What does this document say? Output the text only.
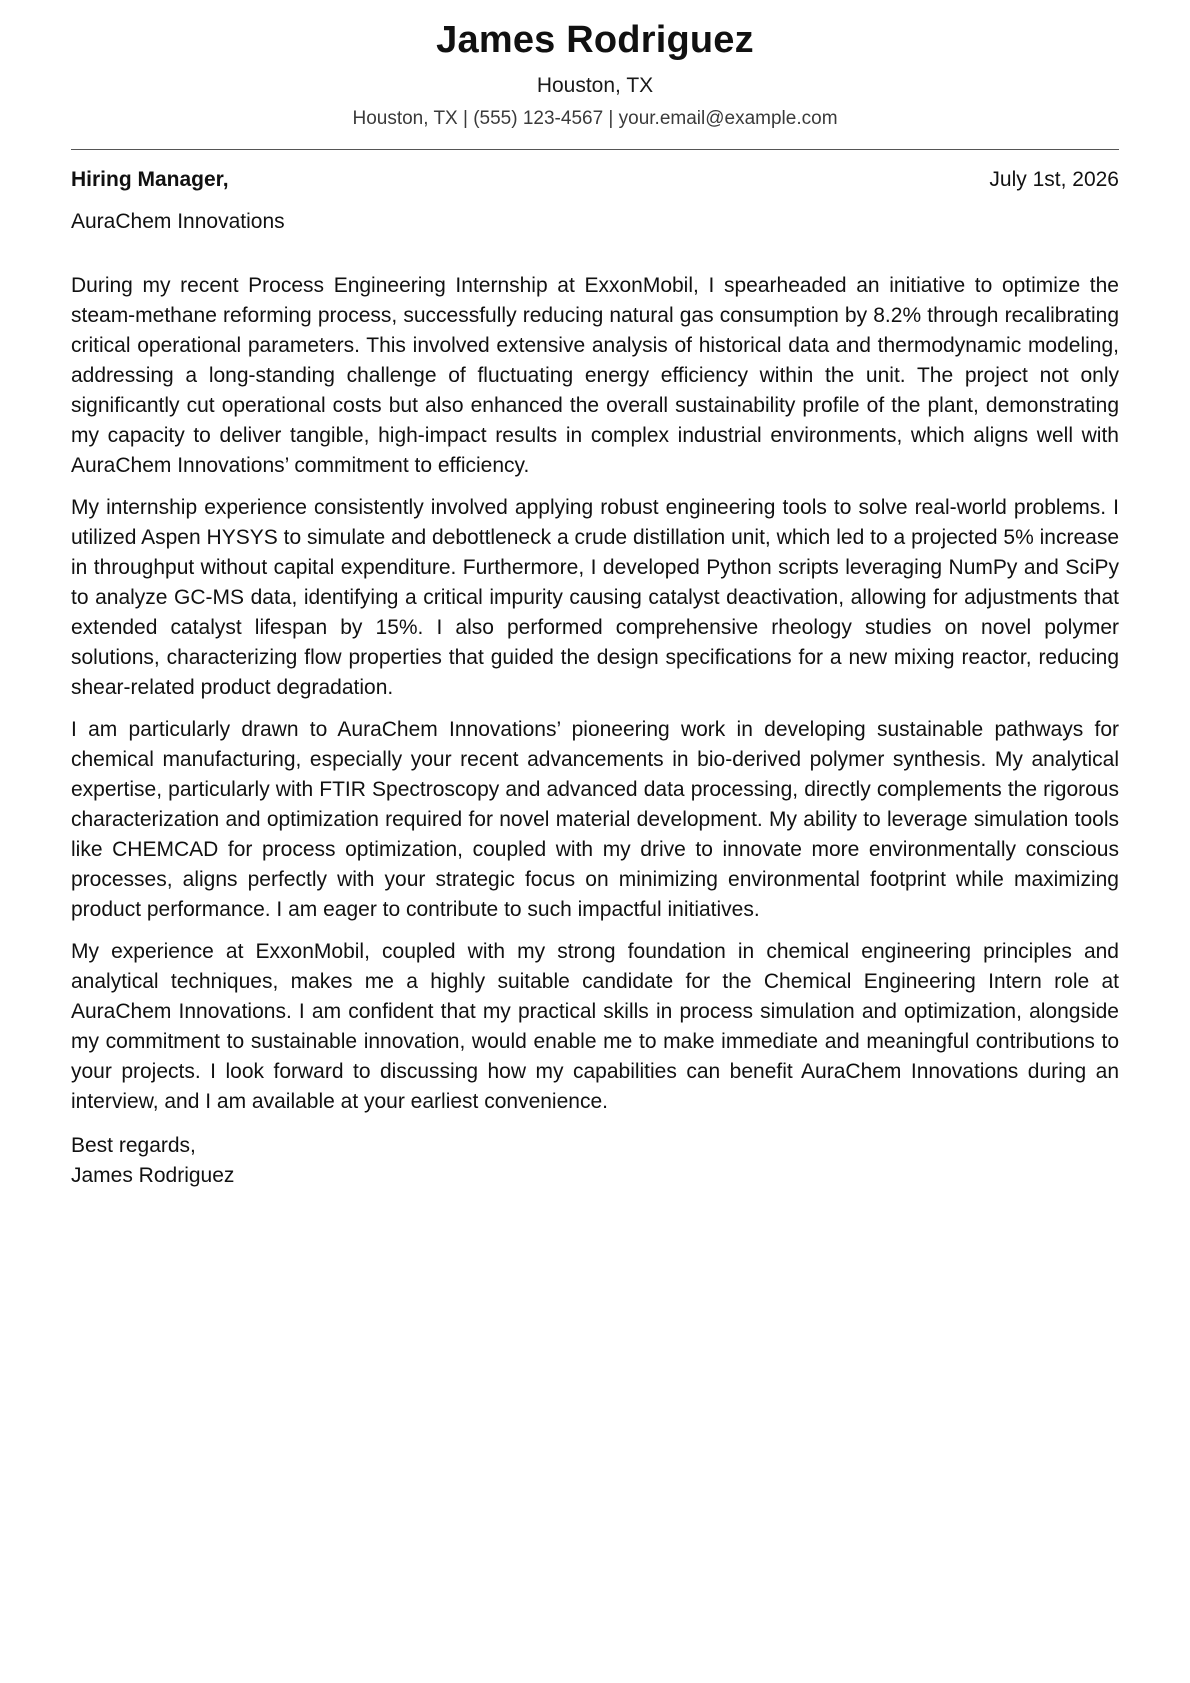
James Rodriguez
Houston, TX
Houston, TX | (555) 123-4567 | your.email@example.com
Hiring Manager,	July 1st, 2026
AuraChem Innovations

During my recent Process Engineering Internship at ExxonMobil, I spearheaded an initiative to optimize the steam-methane reforming process, successfully reducing natural gas consumption by 8.2% through recalibrating critical operational parameters. This involved extensive analysis of historical data and thermodynamic modeling, addressing a long-standing challenge of fluctuating energy efficiency within the unit. The project not only significantly cut operational costs but also enhanced the overall sustainability profile of the plant, demonstrating my capacity to deliver tangible, high-impact results in complex industrial environments, which aligns well with AuraChem Innovations’ commitment to efficiency.

My internship experience consistently involved applying robust engineering tools to solve real-world problems. I utilized Aspen HYSYS to simulate and debottleneck a crude distillation unit, which led to a projected 5% increase in throughput without capital expenditure. Furthermore, I developed Python scripts leveraging NumPy and SciPy to analyze GC-MS data, identifying a critical impurity causing catalyst deactivation, allowing for adjustments that extended catalyst lifespan by 15%. I also performed comprehensive rheology studies on novel polymer solutions, characterizing flow properties that guided the design specifications for a new mixing reactor, reducing shear-related product degradation.

I am particularly drawn to AuraChem Innovations’ pioneering work in developing sustainable pathways for chemical manufacturing, especially your recent advancements in bio-derived polymer synthesis. My analytical expertise, particularly with FTIR Spectroscopy and advanced data processing, directly complements the rigorous characterization and optimization required for novel material development. My ability to leverage simulation tools like CHEMCAD for process optimization, coupled with my drive to innovate more environmentally conscious processes, aligns perfectly with your strategic focus on minimizing environmental footprint while maximizing product performance. I am eager to contribute to such impactful initiatives.

My experience at ExxonMobil, coupled with my strong foundation in chemical engineering principles and analytical techniques, makes me a highly suitable candidate for the Chemical Engineering Intern role at AuraChem Innovations. I am confident that my practical skills in process simulation and optimization, alongside my commitment to sustainable innovation, would enable me to make immediate and meaningful contributions to your projects. I look forward to discussing how my capabilities can benefit AuraChem Innovations during an interview, and I am available at your earliest convenience.

Best regards,
James Rodriguez
